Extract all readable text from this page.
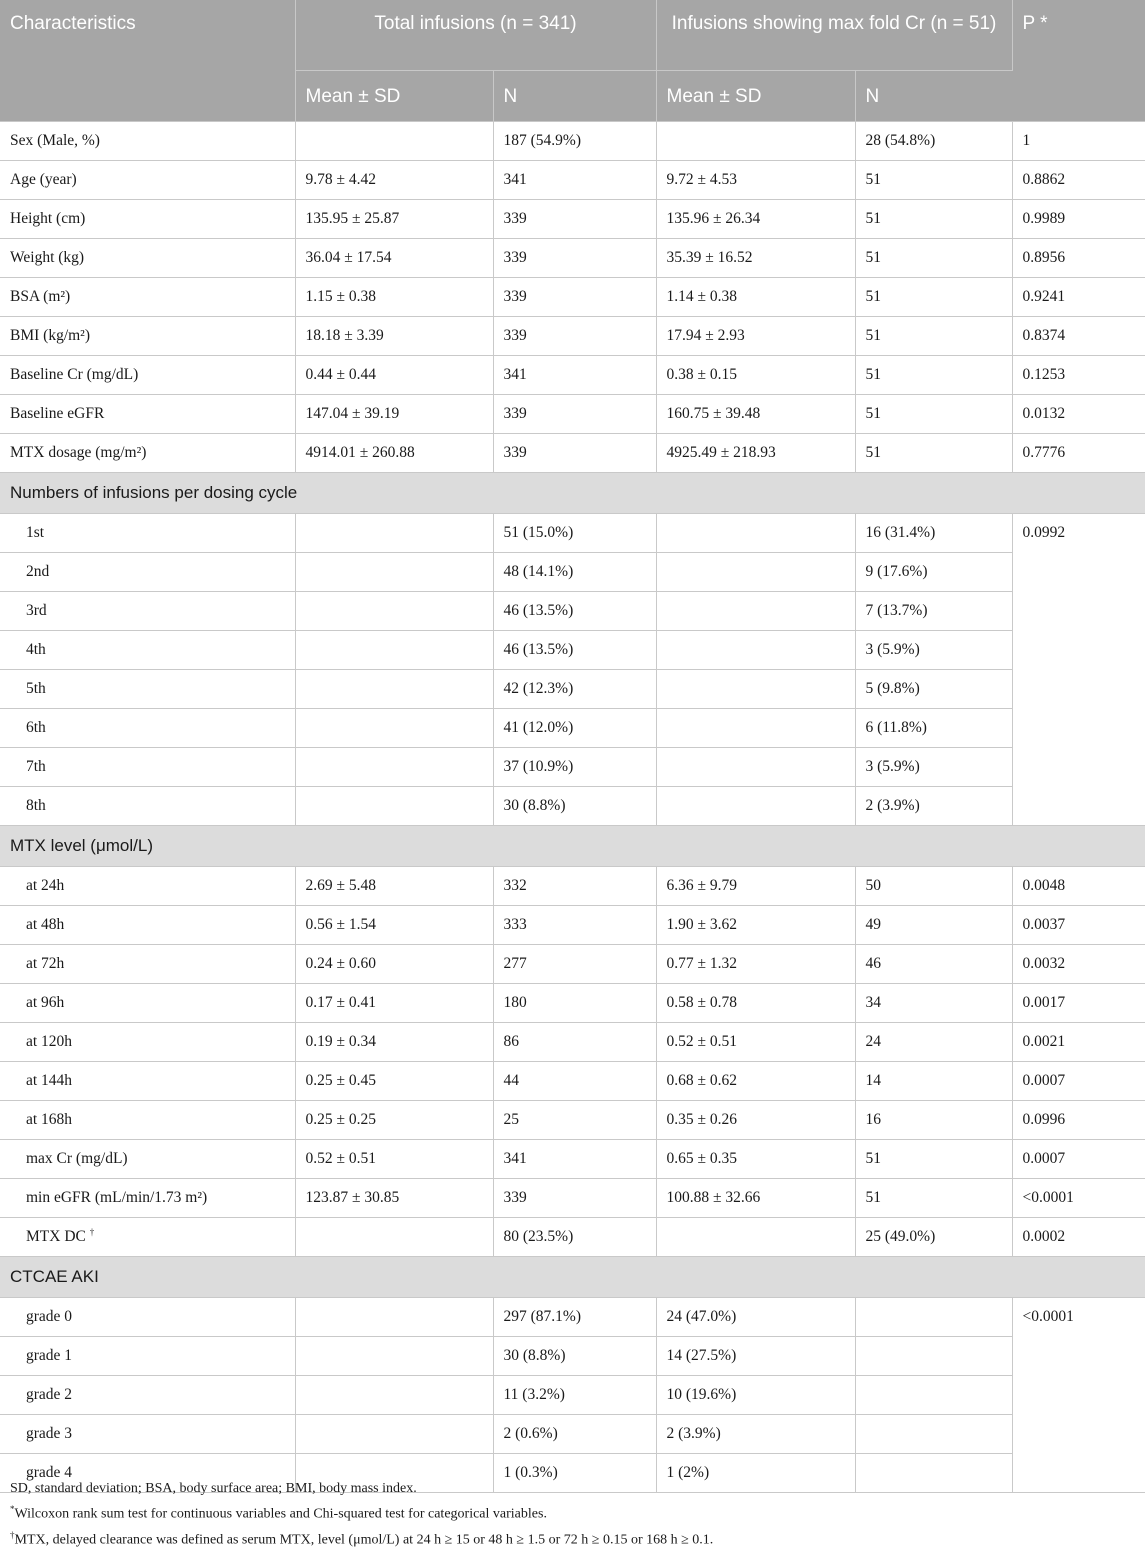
Characteristics	Total infusions (n = 341)		Infusions showing max fold Cr (n = 51)		P *
	Mean ± SD	N	Mean ± SD	N	
Sex (Male, %)		187 (54.9%)		28 (54.8%)	1
Age (year)	9.78 ± 4.42	341	9.72 ± 4.53	51	0.8862
Height (cm)	135.95 ± 25.87	339	135.96 ± 26.34	51	0.9989
Weight (kg)	36.04 ± 17.54	339	35.39 ± 16.52	51	0.8956
BSA (m²)	1.15 ± 0.38	339	1.14 ± 0.38	51	0.9241
BMI (kg/m²)	18.18 ± 3.39	339	17.94 ± 2.93	51	0.8374
Baseline Cr (mg/dL)	0.44 ± 0.44	341	0.38 ± 0.15	51	0.1253
Baseline eGFR	147.04 ± 39.19	339	160.75 ± 39.48	51	0.0132
MTX dosage (mg/m²)	4914.01 ± 260.88	339	4925.49 ± 218.93	51	0.7776
Numbers of infusions per dosing cycle					
1st		51 (15.0%)		16 (31.4%)	0.0992
2nd		48 (14.1%)		9 (17.6%)	
3rd		46 (13.5%)		7 (13.7%)	
4th		46 (13.5%)		3 (5.9%)	
5th		42 (12.3%)		5 (9.8%)	
6th		41 (12.0%)		6 (11.8%)	
7th		37 (10.9%)		3 (5.9%)	
8th		30 (8.8%)		2 (3.9%)	
MTX level (μmol/L)					
at 24h	2.69 ± 5.48	332	6.36 ± 9.79	50	0.0048
at 48h	0.56 ± 1.54	333	1.90 ± 3.62	49	0.0037
at 72h	0.24 ± 0.60	277	0.77 ± 1.32	46	0.0032
at 96h	0.17 ± 0.41	180	0.58 ± 0.78	34	0.0017
at 120h	0.19 ± 0.34	86	0.52 ± 0.51	24	0.0021
at 144h	0.25 ± 0.45	44	0.68 ± 0.62	14	0.0007
at 168h	0.25 ± 0.25	25	0.35 ± 0.26	16	0.0996
max Cr (mg/dL)	0.52 ± 0.51	341	0.65 ± 0.35	51	0.0007
min eGFR (mL/min/1.73 m²)	123.87 ± 30.85	339	100.88 ± 32.66	51	<0.0001
MTX DC †		80 (23.5%)		25 (49.0%)	0.0002
CTCAE AKI					
grade 0		297 (87.1%)	24 (47.0%)		<0.0001
grade 1		30 (8.8%)	14 (27.5%)		
grade 2		11 (3.2%)	10 (19.6%)		
grade 3		2 (0.6%)	2 (3.9%)		
grade 4		1 (0.3%)	1 (2%)		
SD, standard deviation; BSA, body surface area; BMI, body mass index.
*Wilcoxon rank sum test for continuous variables and Chi-squared test for categorical variables.
†MTX, delayed clearance was defined as serum MTX, level (μmol/L) at 24 h ≥ 15 or 48 h ≥ 1.5 or 72 h ≥ 0.15 or 168 h ≥ 0.1.
